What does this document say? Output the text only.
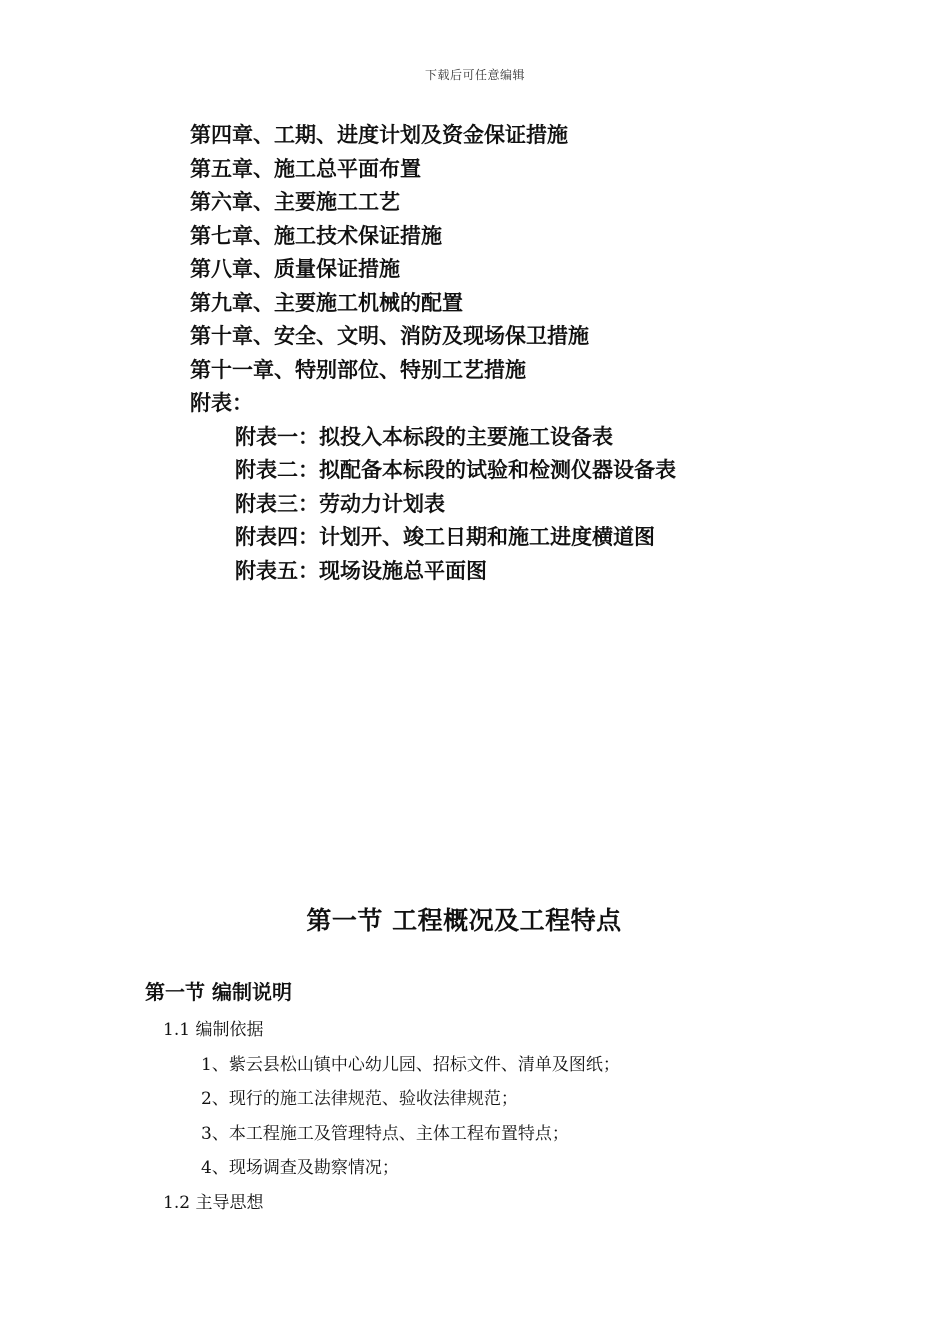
下载后可任意编辑
第四章、工期、进度计划及资金保证措施
第五章、施工总平面布置
第六章、主要施工工艺
第七章、施工技术保证措施
第八章、质量保证措施
第九章、主要施工机械的配置
第十章、安全、文明、消防及现场保卫措施
第十一章、特别部位、特别工艺措施
附表：
附表一：拟投入本标段的主要施工设备表
附表二：拟配备本标段的试验和检测仪器设备表
附表三：劳动力计划表
附表四：计划开、竣工日期和施工进度横道图
附表五：现场设施总平面图
第一节 工程概况及工程特点
第一节 编制说明
1.1 编制依据
1、紫云县松山镇中心幼儿园、招标文件、清单及图纸；
2、现行的施工法律规范、验收法律规范；
3、本工程施工及管理特点、主体工程布置特点；
4、现场调查及勘察情况；
1.2 主导思想
